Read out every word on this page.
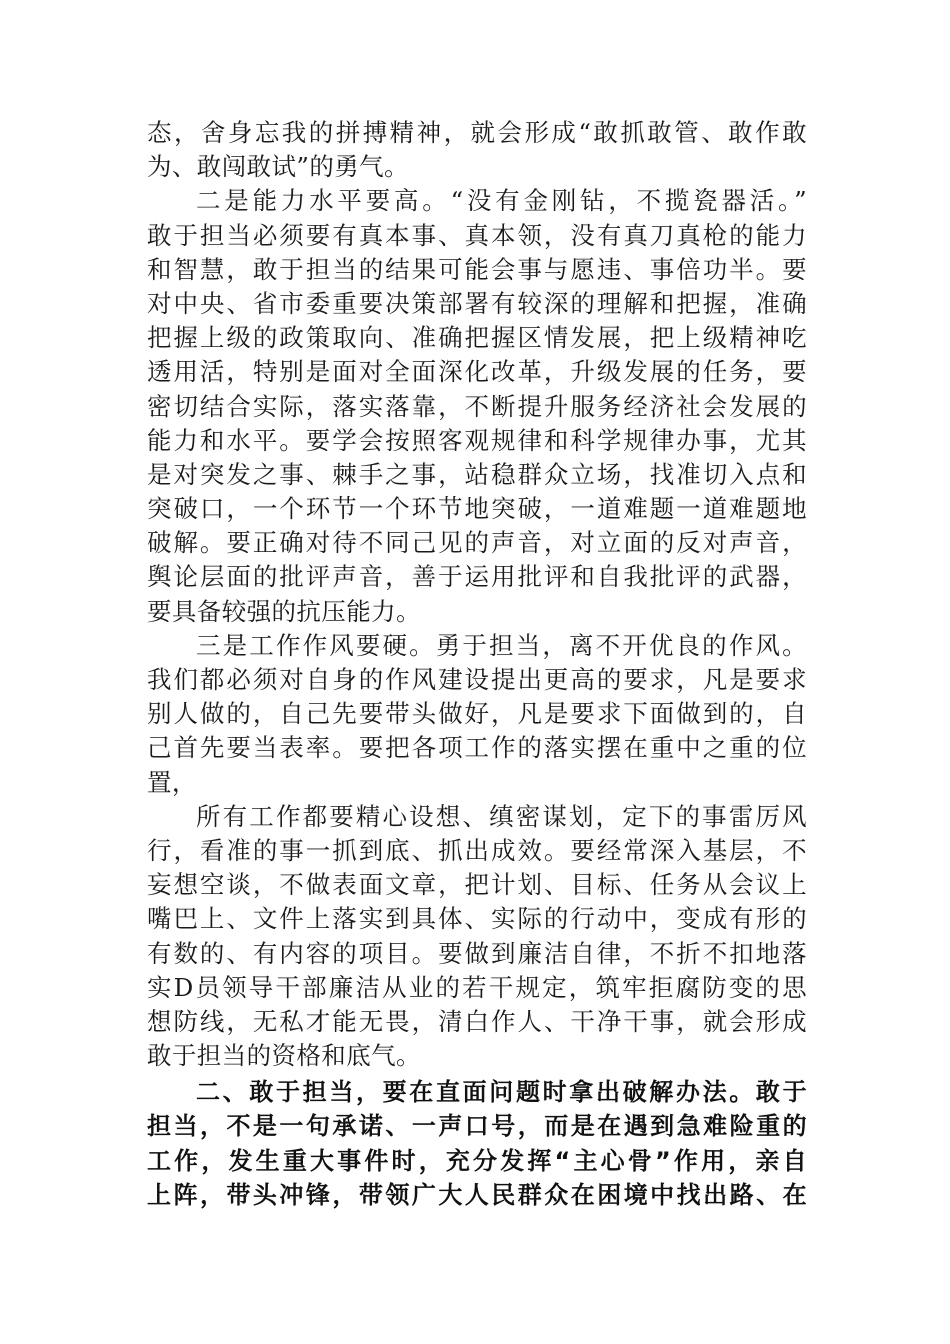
态，舍身忘我的拼搏精神，就会形成“敢抓敢管、敢作敢
为、敢闯敢试”的勇气。
二是能力水平要高。“没有金刚钻，不揽瓷器活。”
敢于担当必须要有真本事、真本领，没有真刀真枪的能力
和智慧，敢于担当的结果可能会事与愿违、事倍功半。要
对中央、省市委重要决策部署有较深的理解和把握，准确
把握上级的政策取向、准确把握区情发展，把上级精神吃
透用活，特别是面对全面深化改革，升级发展的任务，要
密切结合实际，落实落靠，不断提升服务经济社会发展的
能力和水平。要学会按照客观规律和科学规律办事，尤其
是对突发之事、棘手之事，站稳群众立场，找准切入点和
突破口，一个环节一个环节地突破，一道难题一道难题地
破解。要正确对待不同己见的声音，对立面的反对声音，
舆论层面的批评声音，善于运用批评和自我批评的武器，
要具备较强的抗压能力。
三是工作作风要硬。勇于担当，离不开优良的作风。
我们都必须对自身的作风建设提出更高的要求，凡是要求
别人做的，自己先要带头做好，凡是要求下面做到的，自
己首先要当表率。要把各项工作的落实摆在重中之重的位
置，
所有工作都要精心设想、缜密谋划，定下的事雷厉风
行，看准的事一抓到底、抓出成效。要经常深入基层，不
妄想空谈，不做表面文章，把计划、目标、任务从会议上
嘴巴上、文件上落实到具体、实际的行动中，变成有形的
有数的、有内容的项目。要做到廉洁自律，不折不扣地落
实D员领导干部廉洁从业的若干规定，筑牢拒腐防变的思
想防线，无私才能无畏，清白作人、干净干事，就会形成
敢于担当的资格和底气。
二、敢于担当，要在直面问题时拿出破解办法。敢于
担当，不是一句承诺、一声口号，而是在遇到急难险重的
工作，发生重大事件时，充分发挥“主心骨”作用，亲自
上阵，带头冲锋，带领广大人民群众在困境中找出路、在
